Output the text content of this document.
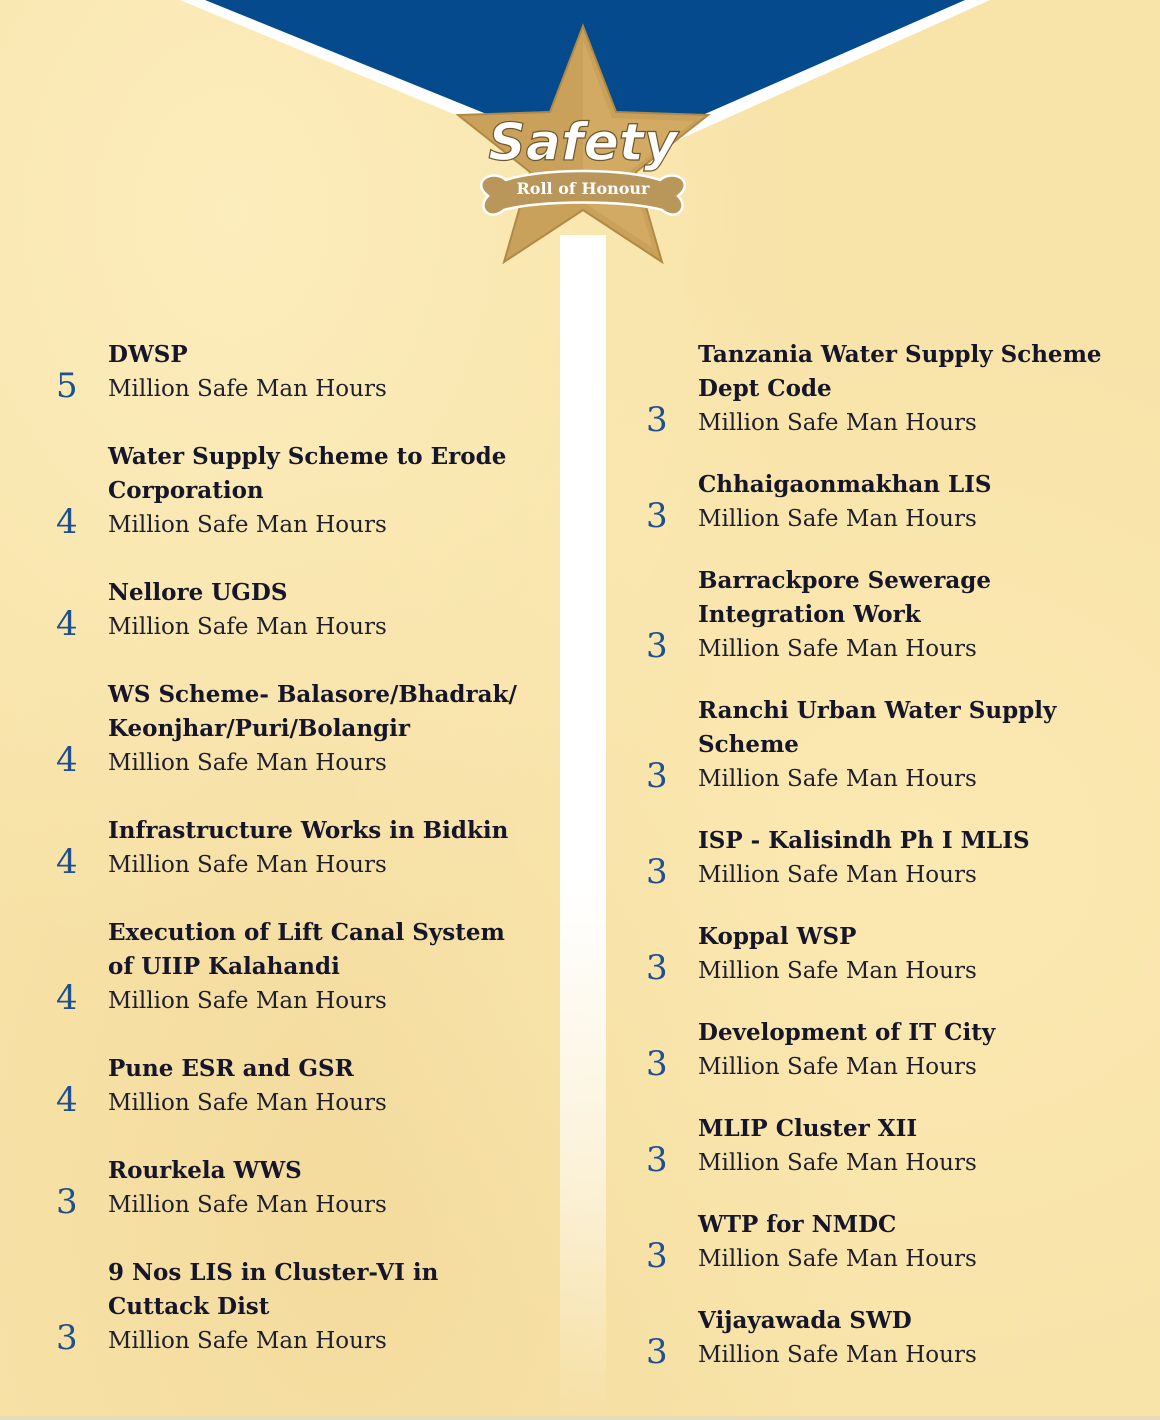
Safety
Roll of Honour
DWSP
Million Safe Man Hours
5
Water Supply Scheme to Erode Corporation
Million Safe Man Hours
4
Nellore UGDS
Million Safe Man Hours
4
WS Scheme- Balasore/Bhadrak/ Keonjhar/Puri/Bolangir
Million Safe Man Hours
4
Infrastructure Works in Bidkin
Million Safe Man Hours
4
Execution of Lift Canal System of UIIP Kalahandi
Million Safe Man Hours
4
Pune ESR and GSR
Million Safe Man Hours
4
Rourkela WWS
Million Safe Man Hours
3
9 Nos LIS in Cluster-VI in Cuttack Dist
Million Safe Man Hours
3
Tanzania Water Supply Scheme Dept Code
Million Safe Man Hours
3
Chhaigaonmakhan LIS
Million Safe Man Hours
3
Barrackpore Sewerage Integration Work
Million Safe Man Hours
3
Ranchi Urban Water Supply Scheme
Million Safe Man Hours
3
ISP - Kalisindh Ph I MLIS
Million Safe Man Hours
3
Koppal WSP
Million Safe Man Hours
3
Development of IT City
Million Safe Man Hours
3
MLIP Cluster XII
Million Safe Man Hours
3
WTP for NMDC
Million Safe Man Hours
3
Vijayawada SWD
Million Safe Man Hours
3
